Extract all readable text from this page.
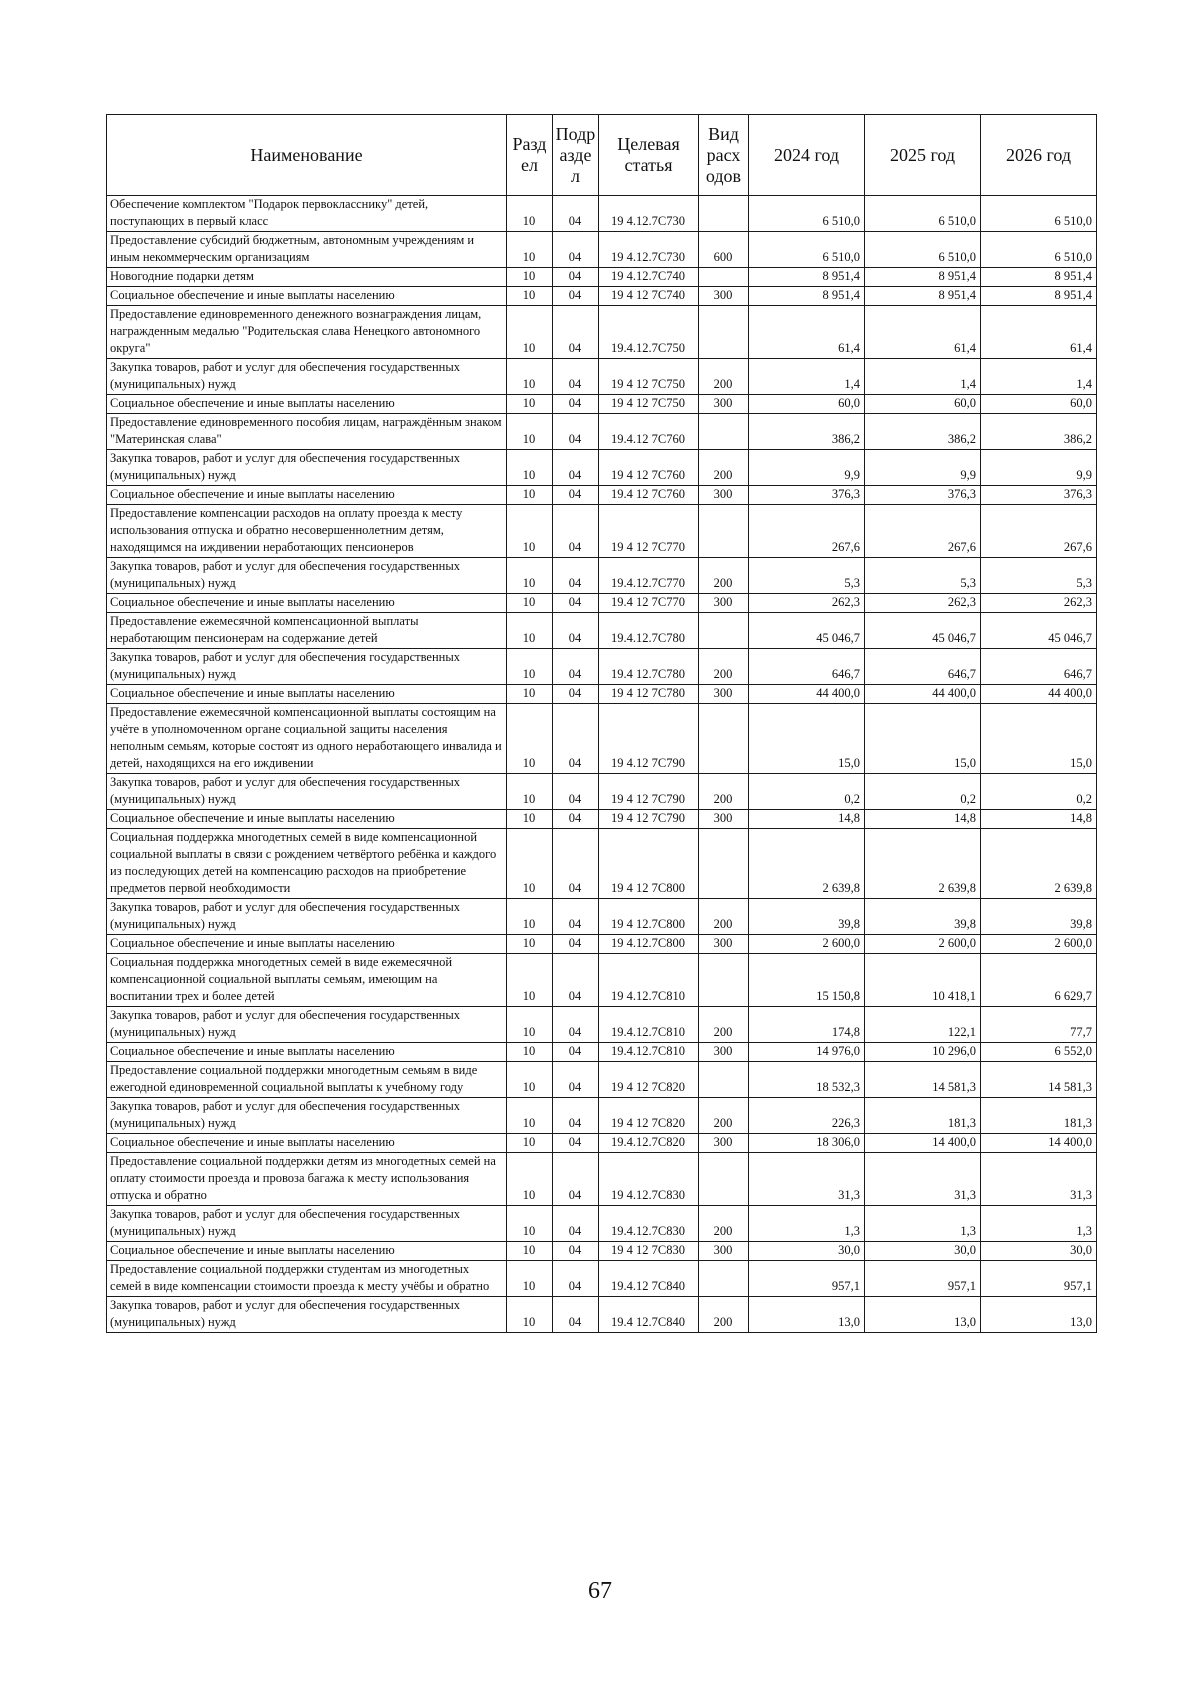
Наименование	Разд ел	Подр азде л	Целевая статья	Вид расх одов	2024 год	2025 год	2026 год
Обеспечение комплектом "Подарок первокласснику" детей, поступающих в первый класс	10	04	19 4.12.7С730		6 510,0	6 510,0	6 510,0
Предоставление субсидий бюджетным, автономным учреждениям и иным некоммерческим организациям	10	04	19 4.12.7С730	600	6 510,0	6 510,0	6 510,0
Новогодние подарки детям	10	04	19 4.12.7С740		8 951,4	8 951,4	8 951,4
Социальное обеспечение и иные выплаты населению	10	04	19 4 12 7С740	300	8 951,4	8 951,4	8 951,4
Предоставление единовременного денежного вознаграждения лицам, награжденным медалью "Родительская слава Ненецкого автономного округа"	10	04	19.4.12.7С750		61,4	61,4	61,4
Закупка товаров, работ и услуг для обеспечения государственных (муниципальных) нужд	10	04	19 4 12 7С750	200	1,4	1,4	1,4
Социальное обеспечение и иные выплаты населению	10	04	19 4 12 7С750	300	60,0	60,0	60,0
Предоставление единовременного пособия лицам, награждённым знаком "Материнская слава"	10	04	19.4.12 7С760		386,2	386,2	386,2
Закупка товаров, работ и услуг для обеспечения государственных (муниципальных) нужд	10	04	19 4 12 7С760	200	9,9	9,9	9,9
Социальное обеспечение и иные выплаты населению	10	04	19.4 12 7С760	300	376,3	376,3	376,3
Предоставление компенсации расходов на оплату проезда к месту использования отпуска и обратно несовершеннолетним детям, находящимся на иждивении неработающих пенсионеров	10	04	19 4 12 7С770		267,6	267,6	267,6
Закупка товаров, работ и услуг для обеспечения государственных (муниципальных) нужд	10	04	19.4.12.7С770	200	5,3	5,3	5,3
Социальное обеспечение и иные выплаты населению	10	04	19.4 12 7С770	300	262,3	262,3	262,3
Предоставление ежемесячной компенсационной выплаты неработающим пенсионерам на содержание детей	10	04	19.4.12.7С780		45 046,7	45 046,7	45 046,7
Закупка товаров, работ и услуг для обеспечения государственных (муниципальных) нужд	10	04	19.4 12.7С780	200	646,7	646,7	646,7
Социальное обеспечение и иные выплаты населению	10	04	19 4 12 7С780	300	44 400,0	44 400,0	44 400,0
Предоставление ежемесячной компенсационной выплаты состоящим на учёте в уполномоченном органе социальной защиты населения неполным семьям, которые состоят из одного неработающего инвалида и детей, находящихся на его иждивении	10	04	19 4.12 7С790		15,0	15,0	15,0
Закупка товаров, работ и услуг для обеспечения государственных (муниципальных) нужд	10	04	19 4 12 7С790	200	0,2	0,2	0,2
Социальное обеспечение и иные выплаты населению	10	04	19 4 12 7С790	300	14,8	14,8	14,8
Социальная поддержка многодетных семей в виде компенсационной социальной выплаты в связи с рождением четвёртого ребёнка и каждого из последующих детей на компенсацию расходов на приобретение предметов первой необходимости	10	04	19 4 12 7С800		2 639,8	2 639,8	2 639,8
Закупка товаров, работ и услуг для обеспечения государственных (муниципальных) нужд	10	04	19 4 12.7С800	200	39,8	39,8	39,8
Социальное обеспечение и иные выплаты населению	10	04	19 4.12.7С800	300	2 600,0	2 600,0	2 600,0
Социальная поддержка многодетных семей в виде ежемесячной компенсационной социальной выплаты семьям, имеющим на воспитании трех и более детей	10	04	19 4.12.7С810		15 150,8	10 418,1	6 629,7
Закупка товаров, работ и услуг для обеспечения государственных (муниципальных) нужд	10	04	19.4.12.7С810	200	174,8	122,1	77,7
Социальное обеспечение и иные выплаты населению	10	04	19.4.12.7С810	300	14 976,0	10 296,0	6 552,0
Предоставление социальной поддержки многодетным семьям в виде ежегодной единовременной социальной выплаты к учебному году	10	04	19 4 12 7С820		18 532,3	14 581,3	14 581,3
Закупка товаров, работ и услуг для обеспечения государственных (муниципальных) нужд	10	04	19 4 12 7С820	200	226,3	181,3	181,3
Социальное обеспечение и иные выплаты населению	10	04	19.4.12.7С820	300	18 306,0	14 400,0	14 400,0
Предоставление социальной поддержки детям из многодетных семей на оплату стоимости проезда и провоза багажа к месту использования отпуска и обратно	10	04	19 4.12.7С830		31,3	31,3	31,3
Закупка товаров, работ и услуг для обеспечения государственных (муниципальных) нужд	10	04	19.4.12.7С830	200	1,3	1,3	1,3
Социальное обеспечение и иные выплаты населению	10	04	19 4 12 7С830	300	30,0	30,0	30,0
Предоставление социальной поддержки студентам из многодетных семей в виде компенсации стоимости проезда к месту учёбы и обратно	10	04	19.4.12 7С840		957,1	957,1	957,1
Закупка товаров, работ и услуг для обеспечения государственных (муниципальных) нужд	10	04	19.4 12.7С840	200	13,0	13,0	13,0
67
